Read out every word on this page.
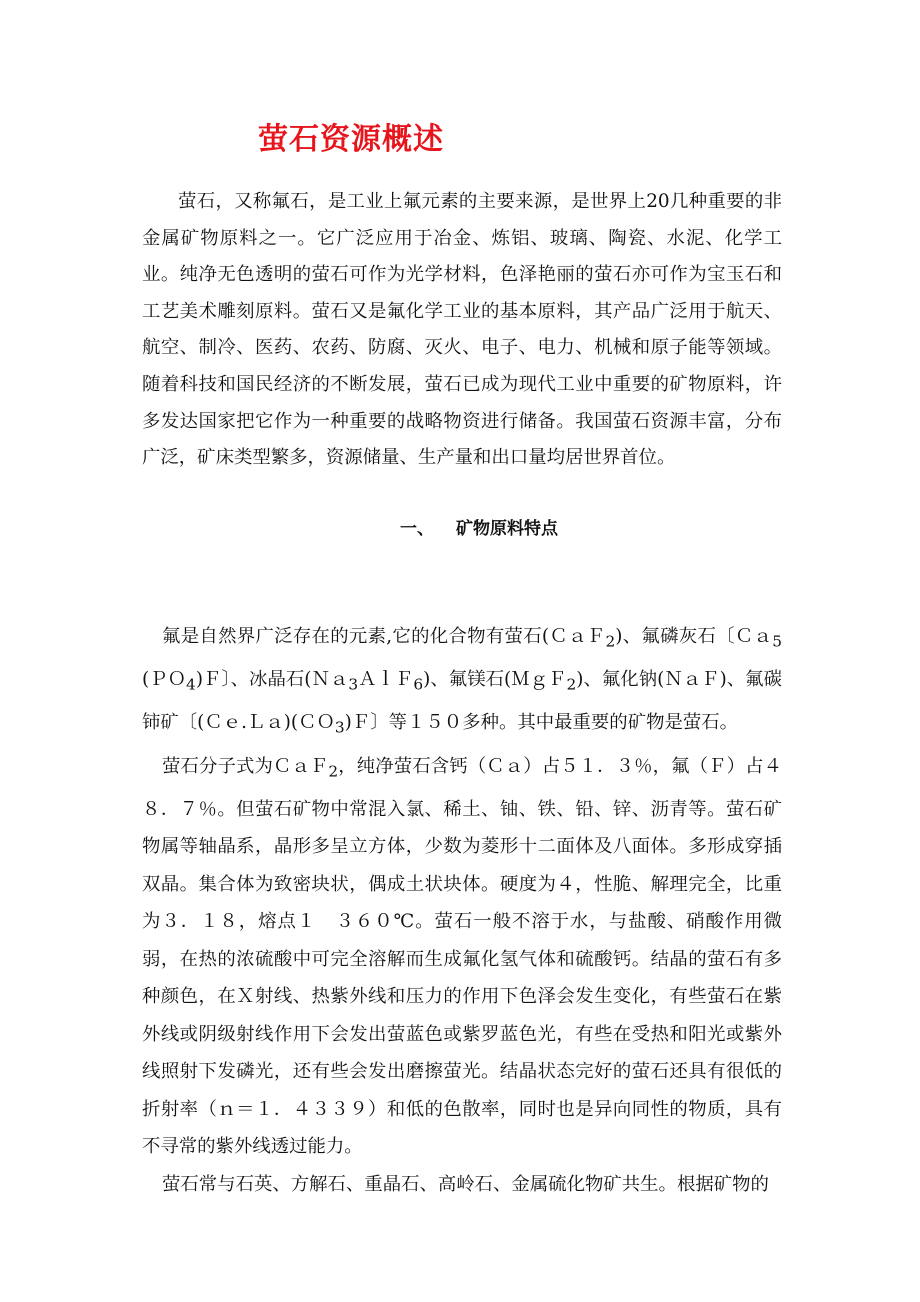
萤石资源概述

萤石，又称氟石，是工业上氟元素的主要来源，是世界上20几种重要的非金属矿物原料之一。它广泛应用于冶金、炼铝、玻璃、陶瓷、水泥、化学工业。纯净无色透明的萤石可作为光学材料，色泽艳丽的萤石亦可作为宝玉石和工艺美术雕刻原料。萤石又是氟化学工业的基本原料，其产品广泛用于航天、航空、制冷、医药、农药、防腐、灭火、电子、电力、机械和原子能等领域。随着科技和国民经济的不断发展，萤石已成为现代工业中重要的矿物原料，许多发达国家把它作为一种重要的战略物资进行储备。我国萤石资源丰富，分布广泛，矿床类型繁多，资源储量、生产量和出口量均居世界首位。

一、 矿物原料特点

氟是自然界广泛存在的元素,它的化合物有萤石(ＣａＦ$_2$)、氟磷灰石〔Ｃａ$_5$(ＰＯ$_4$)Ｆ〕、冰晶石(Ｎａ$_3$ＡｌＦ$_6$)、氟镁石(ＭｇＦ$_2$)、氟化钠(ＮａＦ)、氟碳铈矿〔(Ｃｅ.Ｌａ)(ＣＯ$_3$)Ｆ〕等１５０多种。其中最重要的矿物是萤石。

萤石分子式为ＣａＦ$_2$，纯净萤石含钙（Ｃａ）占５１．３％，氟（Ｆ）占４８．７％。但萤石矿物中常混入氯、稀土、铀、铁、铅、锌、沥青等。萤石矿物属等轴晶系，晶形多呈立方体，少数为菱形十二面体及八面体。多形成穿插双晶。集合体为致密块状，偶成土状块体。硬度为４，性脆、解理完全，比重为３．１８，熔点１　３６０℃。萤石一般不溶于水，与盐酸、硝酸作用微弱，在热的浓硫酸中可完全溶解而生成氟化氢气体和硫酸钙。结晶的萤石有多种颜色，在Ｘ射线、热紫外线和压力的作用下色泽会发生变化，有些萤石在紫外线或阴级射线作用下会发出萤蓝色或紫罗蓝色光，有些在受热和阳光或紫外线照射下发磷光，还有些会发出磨擦萤光。结晶状态完好的萤石还具有很低的折射率（ｎ＝１．４３３９）和低的色散率，同时也是异向同性的物质，具有不寻常的紫外线透过能力。

萤石常与石英、方解石、重晶石、高岭石、金属硫化物矿共生。根据矿物的
